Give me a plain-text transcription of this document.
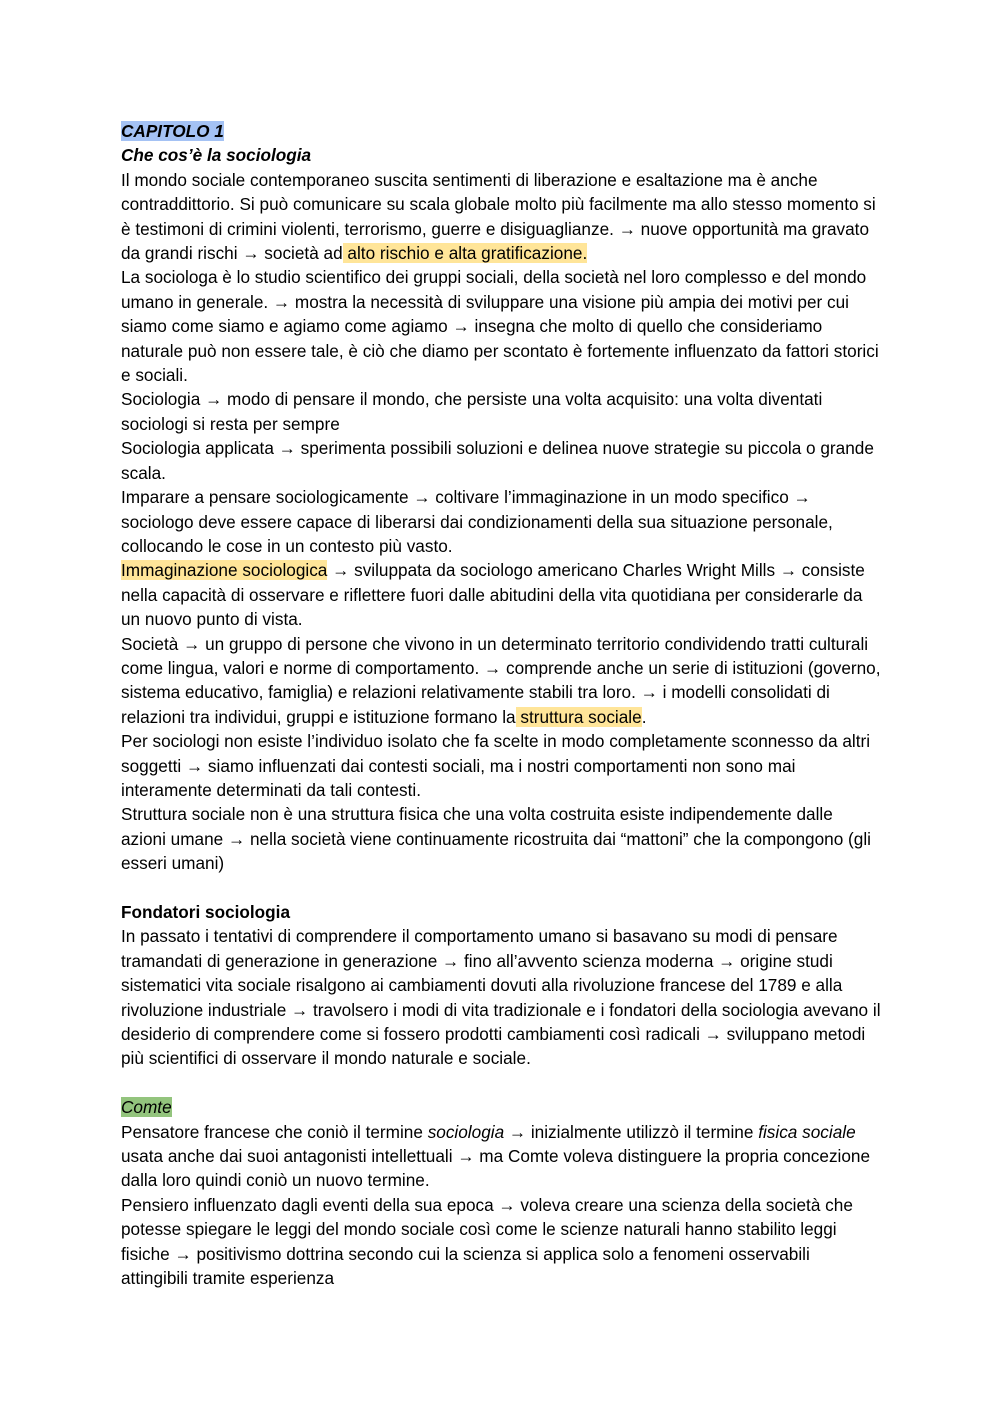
CAPITOLO 1
Che cos’è la sociologia

Il mondo sociale contemporaneo suscita sentimenti di liberazione e esaltazione ma è anche contraddittorio. Si può comunicare su scala globale molto più facilmente ma allo stesso momento si è testimoni di crimini violenti, terrorismo, guerre e disiguaglianze. → nuove opportunità ma gravato da grandi rischi → società ad alto rischio e alta gratificazione.

La sociologa è lo studio scientifico dei gruppi sociali, della società nel loro complesso e del mondo umano in generale. → mostra la necessità di sviluppare una visione più ampia dei motivi per cui siamo come siamo e agiamo come agiamo → insegna che molto di quello che consideriamo naturale può non essere tale, è ciò che diamo per scontato è fortemente influenzato da fattori storici e sociali.

Sociologia → modo di pensare il mondo, che persiste una volta acquisito: una volta diventati sociologi si resta per sempre

Sociologia applicata → sperimenta possibili soluzioni e delinea nuove strategie su piccola o grande scala.

Imparare a pensare sociologicamente → coltivare l’immaginazione in un modo specifico → sociologo deve essere capace di liberarsi dai condizionamenti della sua situazione personale, collocando le cose in un contesto più vasto.

Immaginazione sociologica → sviluppata da sociologo americano Charles Wright Mills → consiste nella capacità di osservare e riflettere fuori dalle abitudini della vita quotidiana per considerarle da un nuovo punto di vista.

Società → un gruppo di persone che vivono in un determinato territorio condividendo tratti culturali come lingua, valori e norme di comportamento. → comprende anche un serie di istituzioni (governo, sistema educativo, famiglia) e relazioni relativamente stabili tra loro. → i modelli consolidati di relazioni tra individui, gruppi e istituzione formano la struttura sociale.

Per sociologi non esiste l’individuo isolato che fa scelte in modo completamente sconnesso da altri soggetti → siamo influenzati dai contesti sociali, ma i nostri comportamenti non sono mai interamente determinati da tali contesti.

Struttura sociale non è una struttura fisica che una volta costruita esiste indipendemente dalle azioni umane → nella società viene continuamente ricostruita dai “mattoni” che la compongono (gli esseri umani)

Fondatori sociologia

In passato i tentativi di comprendere il comportamento umano si basavano su modi di pensare tramandati di generazione in generazione → fino all’avvento scienza moderna → origine studi sistematici vita sociale risalgono ai cambiamenti dovuti alla rivoluzione francese del 1789 e alla rivoluzione industriale → travolsero i modi di vita tradizionale e i fondatori della sociologia avevano il desiderio di comprendere come si fossero prodotti cambiamenti così radicali → sviluppano metodi più scientifici di osservare il mondo naturale e sociale.

Comte

Pensatore francese che coniò il termine sociologia → inizialmente utilizzò il termine fisica sociale usata anche dai suoi antagonisti intellettuali → ma Comte voleva distinguere la propria concezione dalla loro quindi coniò un nuovo termine.

Pensiero influenzato dagli eventi della sua epoca → voleva creare una scienza della società che potesse spiegare le leggi del mondo sociale così come le scienze naturali hanno stabilito leggi fisiche → positivismo dottrina secondo cui la scienza si applica solo a fenomeni osservabili attingibili tramite esperienza
